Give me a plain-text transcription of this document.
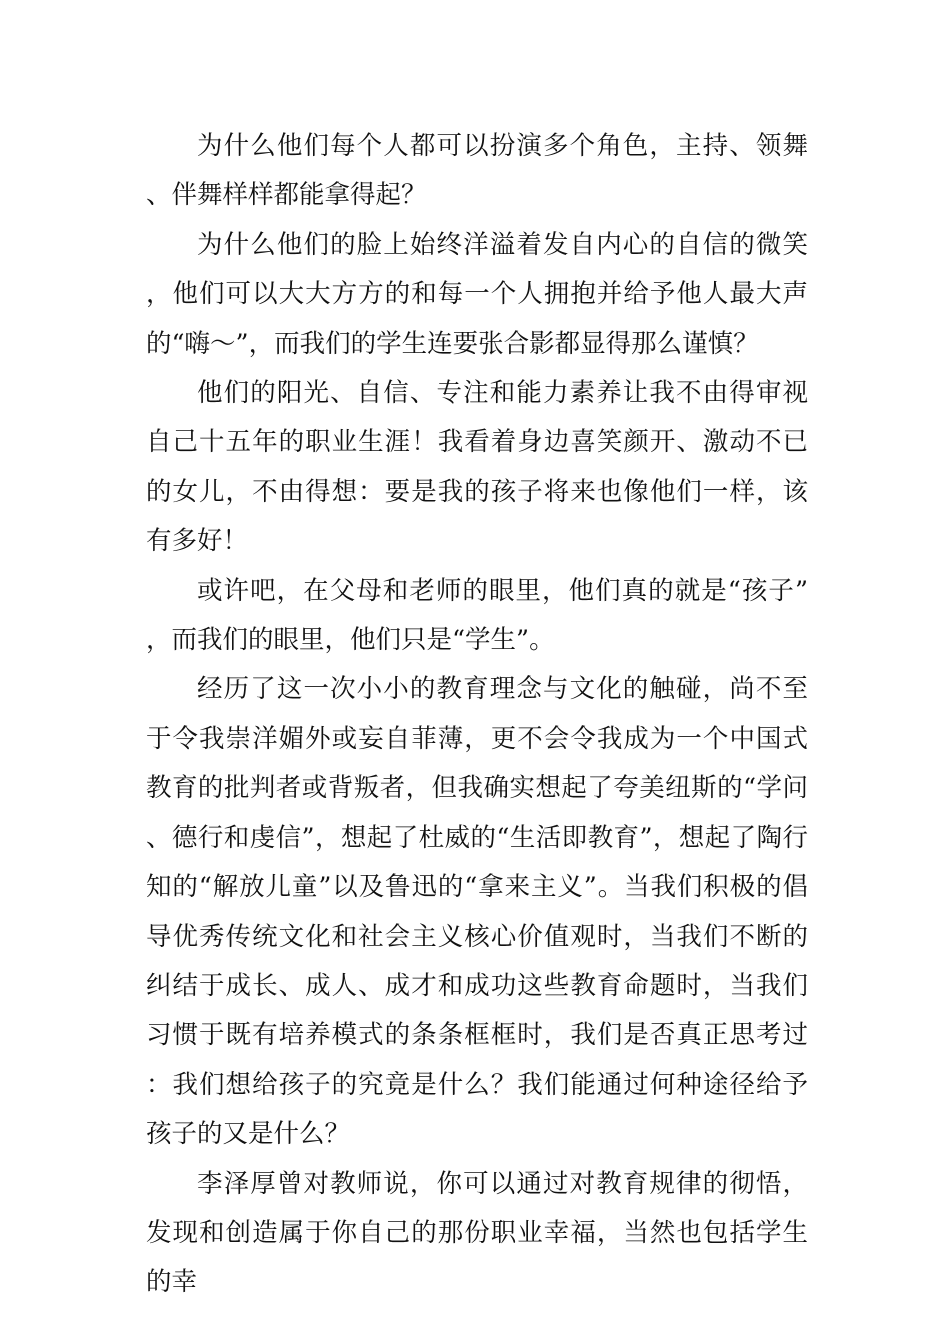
为什么他们每个人都可以扮演多个角色，主持、领舞、伴舞样样都能拿得起？

为什么他们的脸上始终洋溢着发自内心的自信的微笑，他们可以大大方方的和每一个人拥抱并给予他人最大声的“嗨～”，而我们的学生连要张合影都显得那么谨慎？

他们的阳光、自信、专注和能力素养让我不由得审视自己十五年的职业生涯！我看着身边喜笑颜开、激动不已的女儿，不由得想：要是我的孩子将来也像他们一样，该有多好！

或许吧，在父母和老师的眼里，他们真的就是“孩子”，而我们的眼里，他们只是“学生”。

经历了这一次小小的教育理念与文化的触碰，尚不至于令我崇洋媚外或妄自菲薄，更不会令我成为一个中国式教育的批判者或背叛者，但我确实想起了夸美纽斯的“学问、德行和虔信”，想起了杜威的“生活即教育”，想起了陶行知的“解放儿童”以及鲁迅的“拿来主义”。当我们积极的倡导优秀传统文化和社会主义核心价值观时，当我们不断的纠结于成长、成人、成才和成功这些教育命题时，当我们习惯于既有培养模式的条条框框时，我们是否真正思考过：我们想给孩子的究竟是什么？我们能通过何种途径给予孩子的又是什么？

李泽厚曾对教师说，你可以通过对教育规律的彻悟，发现和创造属于你自己的那份职业幸福，当然也包括学生的幸
